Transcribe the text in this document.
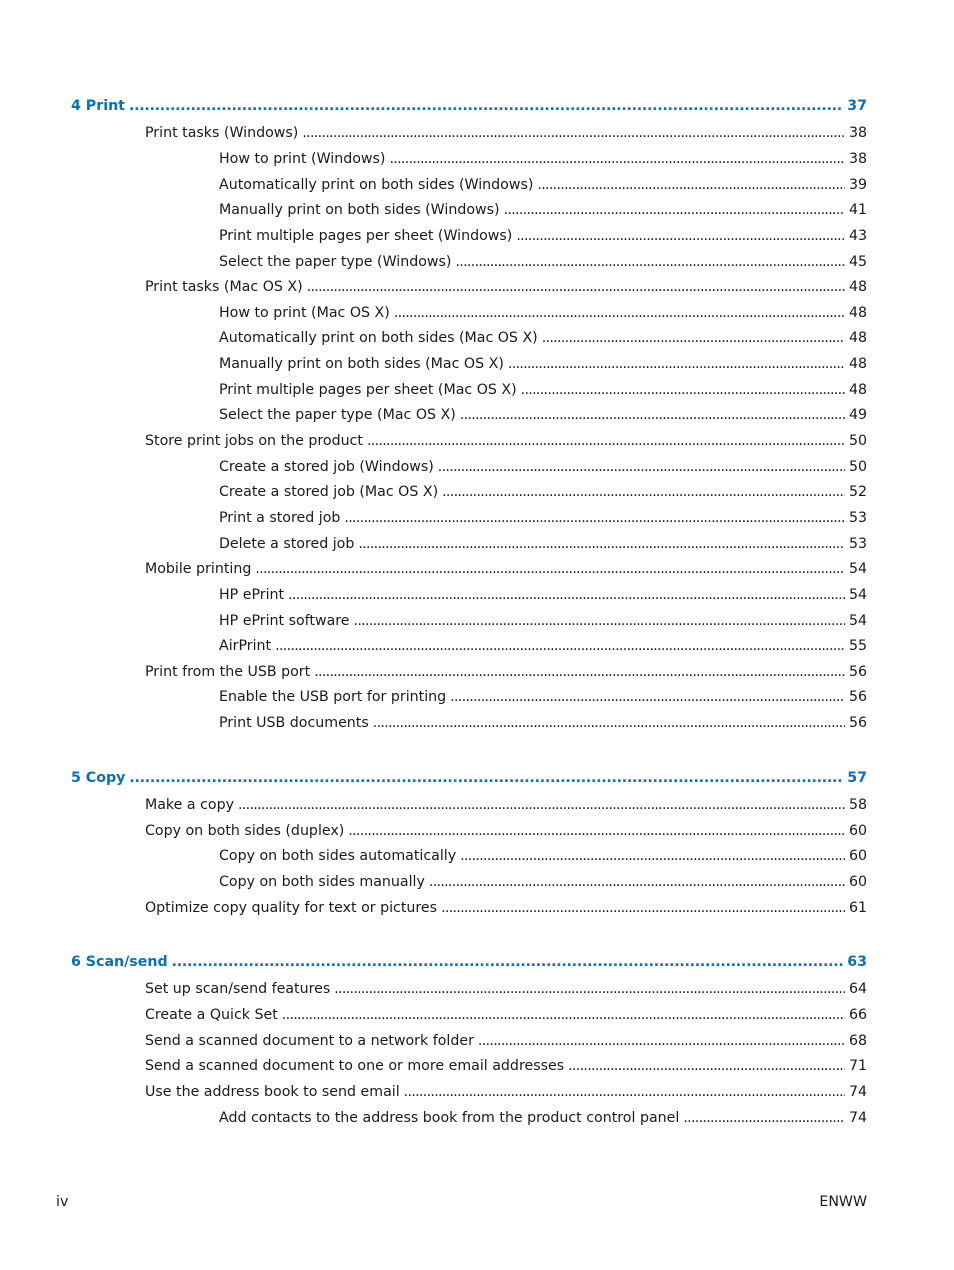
4 Print . . .	37
Print tasks (Windows) . . .	38
How to print (Windows) . . .	38
Automatically print on both sides (Windows) . . .	39
Manually print on both sides (Windows) . . .	41
Print multiple pages per sheet (Windows) . . .	43
Select the paper type (Windows) . . .	45
Print tasks (Mac OS X) . . .	48
How to print (Mac OS X) . . .	48
Automatically print on both sides (Mac OS X) . . .	48
Manually print on both sides (Mac OS X) . . .	48
Print multiple pages per sheet (Mac OS X) . . .	48
Select the paper type (Mac OS X) . . .	49
Store print jobs on the product . . .	50
Create a stored job (Windows) . . .	50
Create a stored job (Mac OS X) . . .	52
Print a stored job . . .	53
Delete a stored job . . .	53
Mobile printing . . .	54
HP ePrint . . .	54
HP ePrint software . . .	54
AirPrint . . .	55
Print from the USB port . . .	56
Enable the USB port for printing . . .	56
Print USB documents . . .	56
5 Copy . . .	57
Make a copy . . .	58
Copy on both sides (duplex) . . .	60
Copy on both sides automatically . . .	60
Copy on both sides manually . . .	60
Optimize copy quality for text or pictures . . .	61
6 Scan/send . . .	63
Set up scan/send features . . .	64
Create a Quick Set . . .	66
Send a scanned document to a network folder . . .	68
Send a scanned document to one or more email addresses . . .	71
Use the address book to send email . . .	74
Add contacts to the address book from the product control panel . . .	74
iv	ENWW
